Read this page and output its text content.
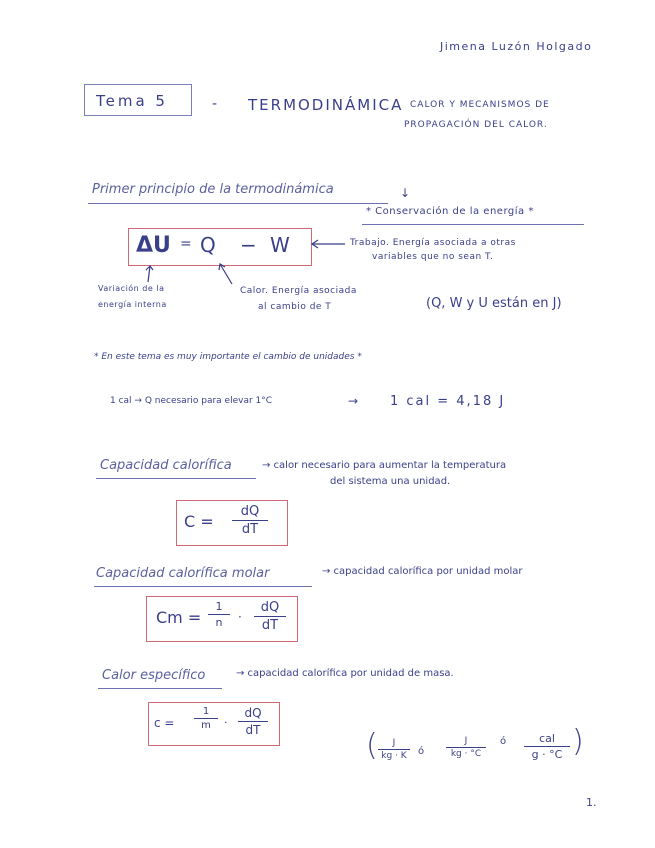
Jimena Luzón Holgado
Tema 5	- TERMODINÁMICA CALOR Y MECANISMOS DE
PROPAGACIÓN DEL CALOR.
Primer principio de la termodinámica	↓
* Conservación de la energía *
ΔU = Q − W	Trabajo. Energía asociada a otras
variables que no sean T.
Variación de la
energía interna
Calor. Energía asociada
al cambio de T	(Q, W y U están en J)
* En este tema es muy importante el cambio de unidades *
1 cal → Q necesario para elevar 1°C	→ 1 cal = 4,18 J
Capacidad calorífica	→ calor necesario para aumentar la temperatura
del sistema una unidad.
C =
dQ
dT
Capacidad calorífica molar	→ capacidad calorífica por unidad molar
Cm =
1
n	·
dQ
dT
Calor específico	→ capacidad calorífica por unidad de masa.
c =
1
m	·
dQ
dT	(	J
kg · K	ó
J
kg · °C
ó	cal
g · °C )
1.
